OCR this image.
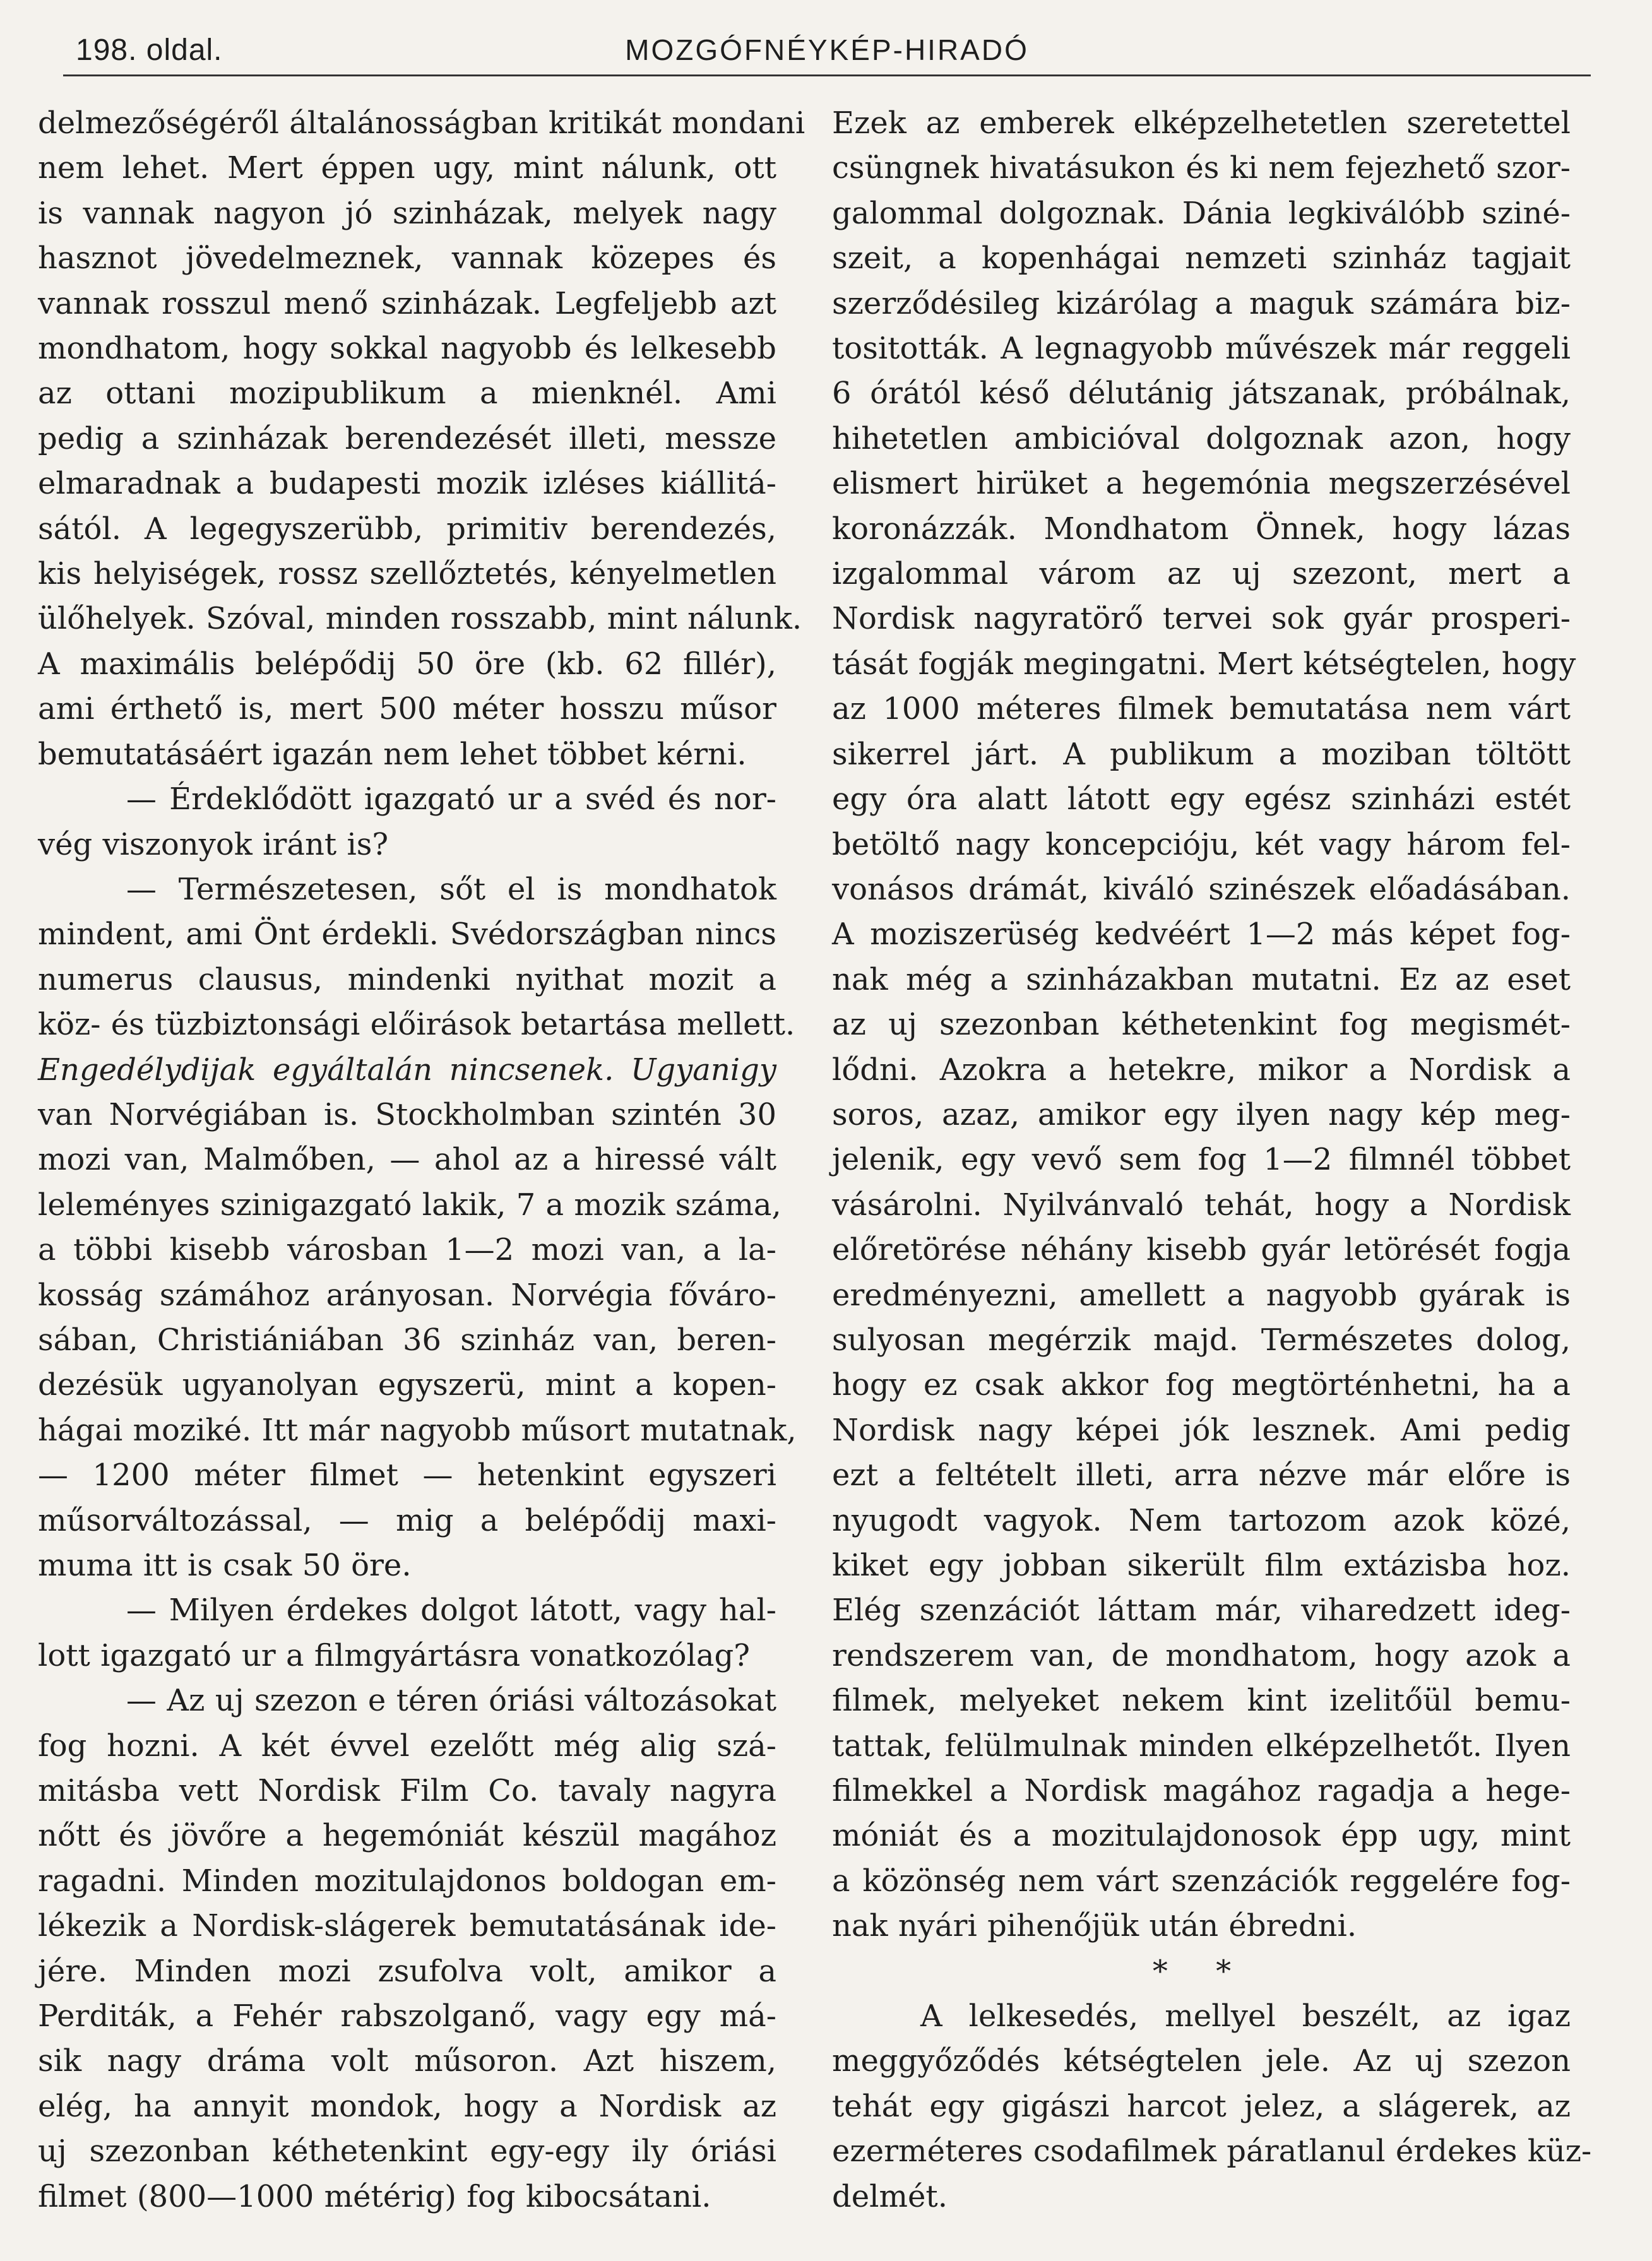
198. oldal.	MOZGÓFNÉYKÉP-HIRADÓ
delmezőségéről általánosságban kritikát mondani
nem lehet. Mert éppen ugy, mint nálunk, ott
is vannak nagyon jó szinházak, melyek nagy
hasznot jövedelmeznek, vannak közepes és
vannak rosszul menő szinházak. Legfeljebb azt
mondhatom, hogy sokkal nagyobb és lelkesebb
az ottani mozipublikum a mienknél. Ami
pedig a szinházak berendezését illeti, messze
elmaradnak a budapesti mozik izléses kiállitá-
sától. A legegyszerübb, primitiv berendezés,
kis helyiségek, rossz szellőztetés, kényelmetlen
ülőhelyek. Szóval, minden rosszabb, mint nálunk.
A maximális belépődij 50 öre (kb. 62 fillér),
ami érthető is, mert 500 méter hosszu műsor
bemutatásáért igazán nem lehet többet kérni.
— Érdeklődött igazgató ur a svéd és nor-
vég viszonyok iránt is?
— Természetesen, sőt el is mondhatok
mindent, ami Önt érdekli. Svédországban nincs
numerus clausus, mindenki nyithat mozit a
köz- és tüzbiztonsági előirások betartása mellett.
Engedélydijak egyáltalán nincsenek. Ugyanigy
van Norvégiában is. Stockholmban szintén 30
mozi van, Malmőben, — ahol az a hiressé vált
leleményes szinigazgató lakik, 7 a mozik száma,
a többi kisebb városban 1—2 mozi van, a la-
kosság számához arányosan. Norvégia főváro-
sában, Christiániában 36 szinház van, beren-
dezésük ugyanolyan egyszerü, mint a kopen-
hágai moziké. Itt már nagyobb műsort mutatnak,
— 1200 méter filmet — hetenkint egyszeri
műsorváltozással, — mig a belépődij maxi-
muma itt is csak 50 öre.
— Milyen érdekes dolgot látott, vagy hal-
lott igazgató ur a filmgyártásra vonatkozólag?
— Az uj szezon e téren óriási változásokat
fog hozni. A két évvel ezelőtt még alig szá-
mitásba vett Nordisk Film Co. tavaly nagyra
nőtt és jövőre a hegemóniát készül magához
ragadni. Minden mozitulajdonos boldogan em-
lékezik a Nordisk-slágerek bemutatásának ide-
jére. Minden mozi zsufolva volt, amikor a
Perditák, a Fehér rabszolganő, vagy egy má-
sik nagy dráma volt műsoron. Azt hiszem,
elég, ha annyit mondok, hogy a Nordisk az
uj szezonban kéthetenkint egy-egy ily óriási
filmet (800—1000 métérig) fog kibocsátani.
Ezek az emberek elképzelhetetlen szeretettel
csüngnek hivatásukon és ki nem fejezhető szor-
galommal dolgoznak. Dánia legkiválóbb sziné-
szeit, a kopenhágai nemzeti szinház tagjait
szerződésileg kizárólag a maguk számára biz-
tositották. A legnagyobb művészek már reggeli
6 órától késő délutánig játszanak, próbálnak,
hihetetlen ambicióval dolgoznak azon, hogy
elismert hirüket a hegemónia megszerzésével
koronázzák. Mondhatom Önnek, hogy lázas
izgalommal várom az uj szezont, mert a
Nordisk nagyratörő tervei sok gyár prosperi-
tását fogják megingatni. Mert kétségtelen, hogy
az 1000 méteres filmek bemutatása nem várt
sikerrel járt. A publikum a moziban töltött
egy óra alatt látott egy egész szinházi estét
betöltő nagy koncepcióju, két vagy három fel-
vonásos drámát, kiváló szinészek előadásában.
A moziszerüség kedvéért 1—2 más képet fog-
nak még a szinházakban mutatni. Ez az eset
az uj szezonban kéthetenkint fog megismét-
lődni. Azokra a hetekre, mikor a Nordisk a
soros, azaz, amikor egy ilyen nagy kép meg-
jelenik, egy vevő sem fog 1—2 filmnél többet
vásárolni. Nyilvánvaló tehát, hogy a Nordisk
előretörése néhány kisebb gyár letörését fogja
eredményezni, amellett a nagyobb gyárak is
sulyosan megérzik majd. Természetes dolog,
hogy ez csak akkor fog megtörténhetni, ha a
Nordisk nagy képei jók lesznek. Ami pedig
ezt a feltételt illeti, arra nézve már előre is
nyugodt vagyok. Nem tartozom azok közé,
kiket egy jobban sikerült film extázisba hoz.
Elég szenzációt láttam már, viharedzett ideg-
rendszerem van, de mondhatom, hogy azok a
filmek, melyeket nekem kint izelitőül bemu-
tattak, felülmulnak minden elképzelhetőt. Ilyen
filmekkel a Nordisk magához ragadja a hege-
móniát és a mozitulajdonosok épp ugy, mint
a közönség nem várt szenzációk reggelére fog-
nak nyári pihenőjük után ébredni.
* *
A lelkesedés, mellyel beszélt, az igaz
meggyőződés kétségtelen jele. Az uj szezon
tehát egy gigászi harcot jelez, a slágerek, az
ezerméteres csodafilmek páratlanul érdekes küz-
delmét.
